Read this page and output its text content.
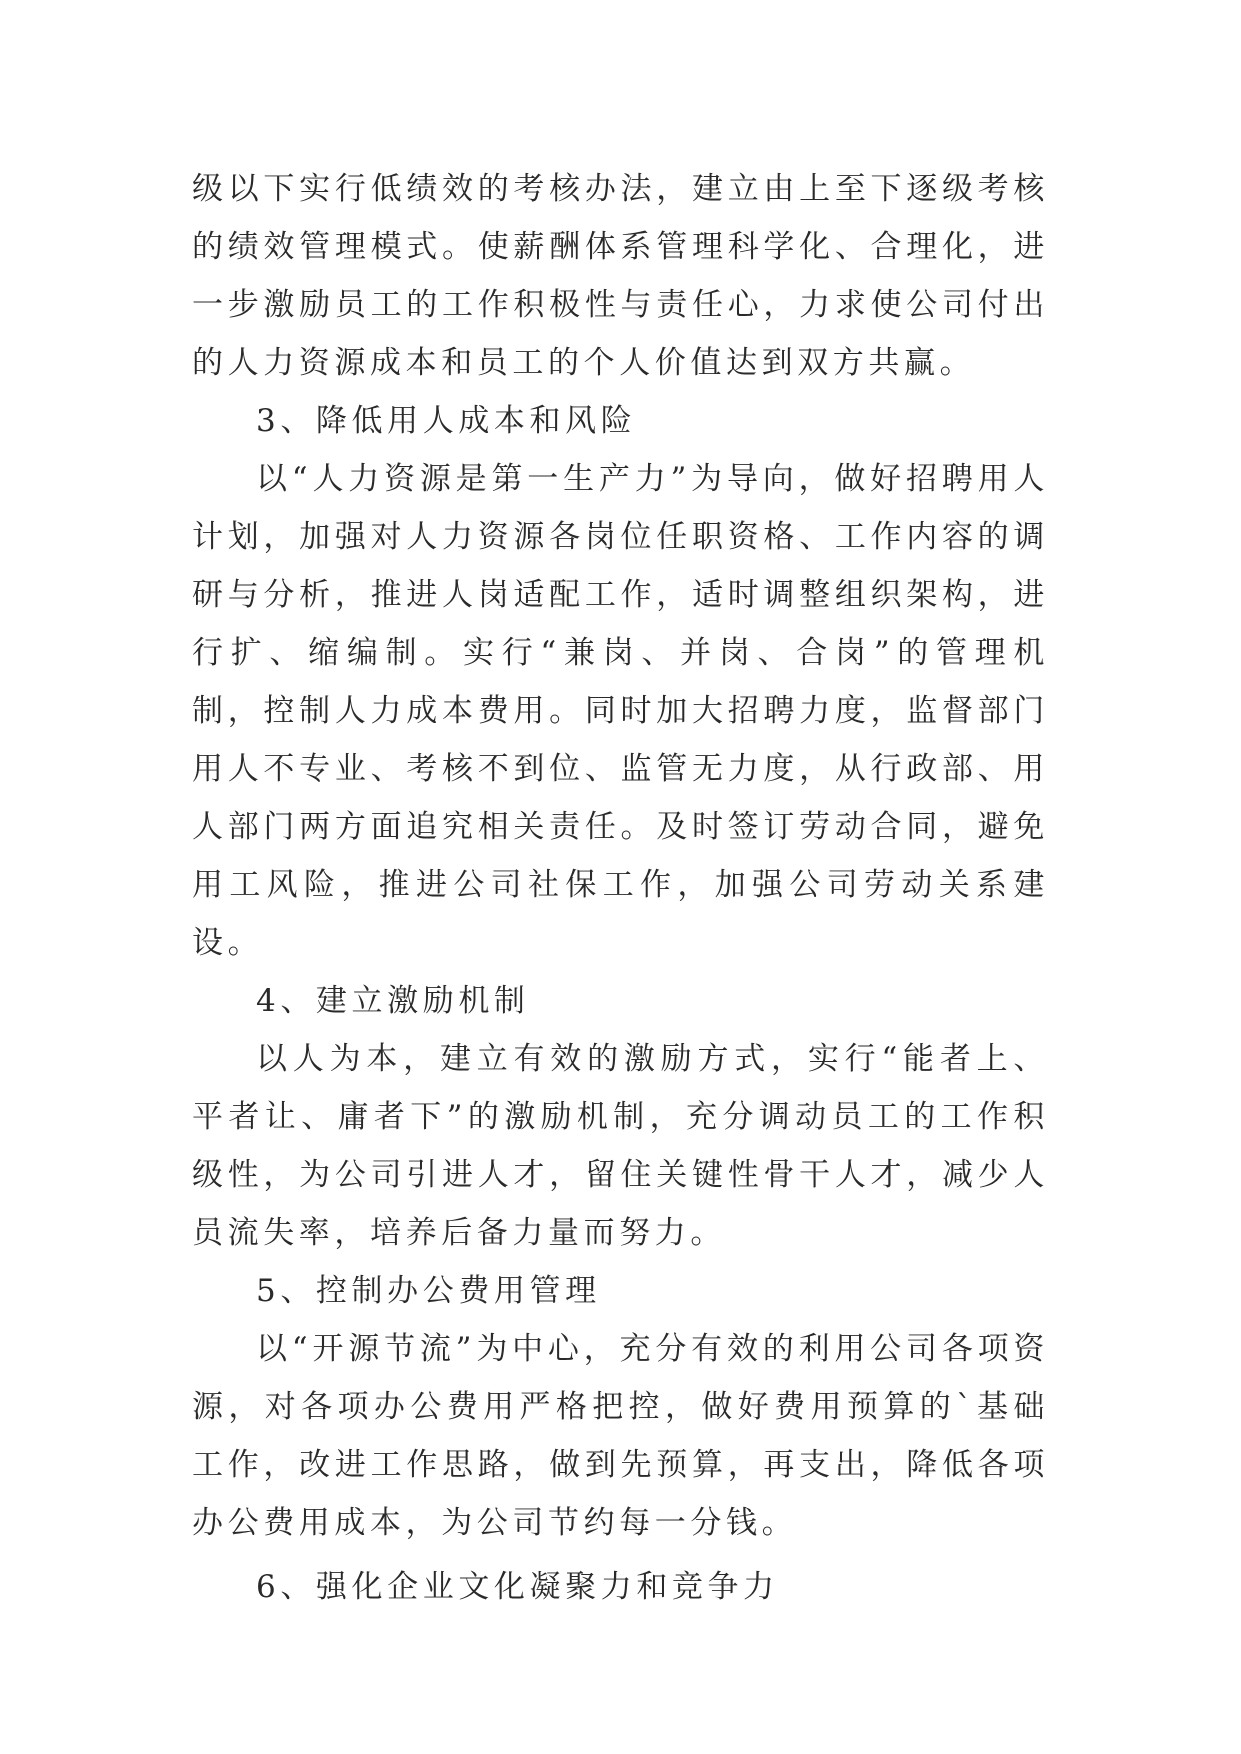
级以下实行低绩效的考核办法，建立由上至下逐级考核的绩效管理模式。使薪酬体系管理科学化、合理化，进一步激励员工的工作积极性与责任心，力求使公司付出的人力资源成本和员工的个人价值达到双方共赢。

3、降低用人成本和风险

以“人力资源是第一生产力”为导向，做好招聘用人计划，加强对人力资源各岗位任职资格、工作内容的调研与分析，推进人岗适配工作，适时调整组织架构，进行扩、缩编制。实行“兼岗、并岗、合岗”的管理机制，控制人力成本费用。同时加大招聘力度，监督部门用人不专业、考核不到位、监管无力度，从行政部、用人部门两方面追究相关责任。及时签订劳动合同，避免用工风险，推进公司社保工作，加强公司劳动关系建设。

4、建立激励机制

以人为本，建立有效的激励方式，实行“能者上、平者让、庸者下”的激励机制，充分调动员工的工作积级性，为公司引进人才，留住关键性骨干人才，减少人员流失率，培养后备力量而努力。

5、控制办公费用管理

以“开源节流”为中心，充分有效的利用公司各项资源，对各项办公费用严格把控，做好费用预算的`基础工作，改进工作思路，做到先预算，再支出，降低各项办公费用成本，为公司节约每一分钱。

6、强化企业文化凝聚力和竞争力
